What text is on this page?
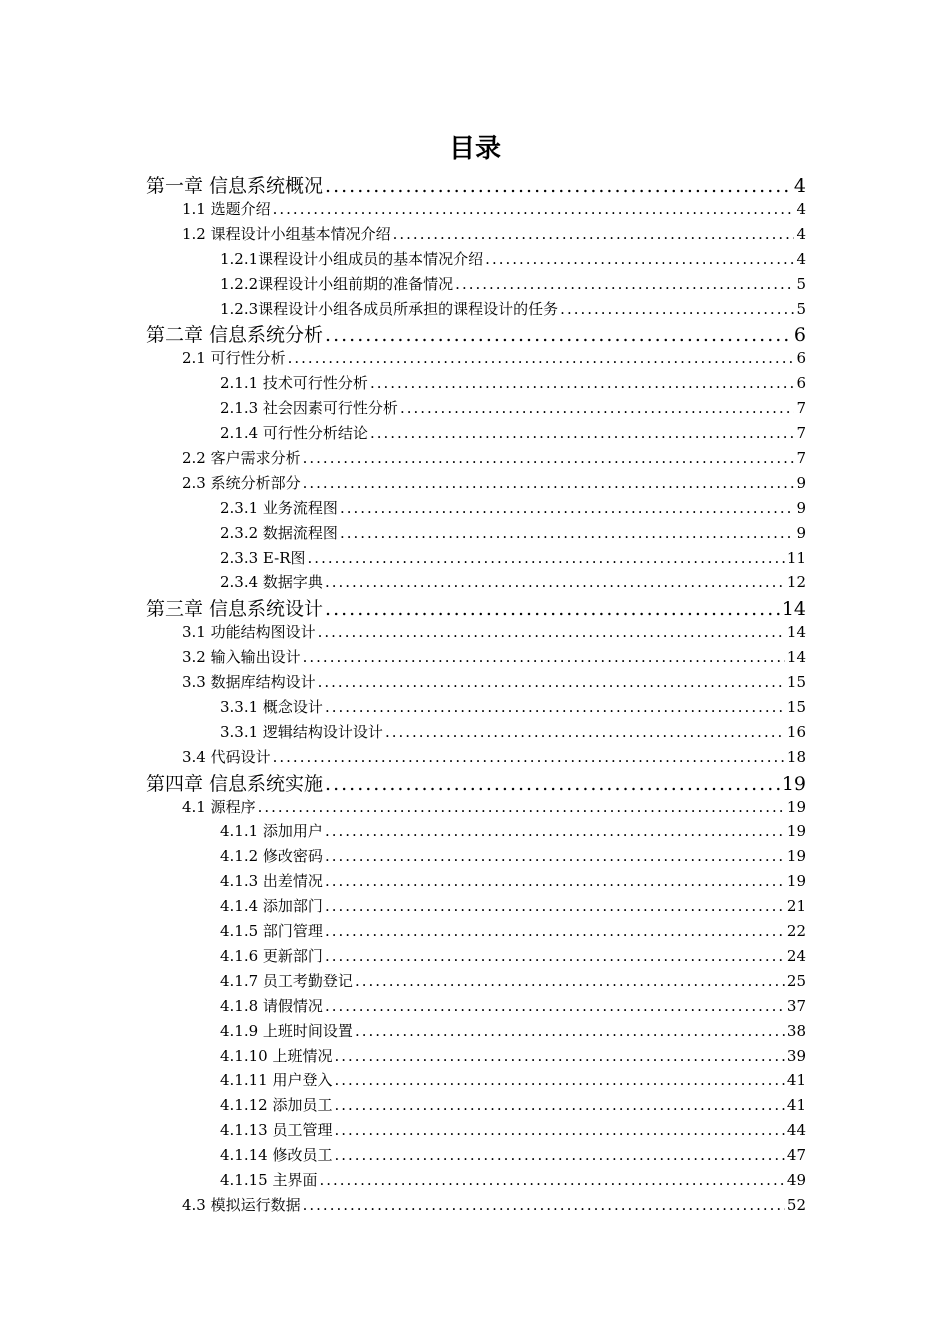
目录
第一章 信息系统概况 .....	4
1.1 选题介绍 .....	4
1.2 课程设计小组基本情况介绍 .....	4
1.2.1课程设计小组成员的基本情况介绍 .....	4
1.2.2课程设计小组前期的准备情况 .....	5
1.2.3课程设计小组各成员所承担的课程设计的任务 .....	5
第二章 信息系统分析 .....	6
2.1 可行性分析 .....	6
2.1.1 技术可行性分析 .....	6
2.1.3 社会因素可行性分析 .....	7
2.1.4 可行性分析结论 .....	7
2.2 客户需求分析 .....	7
2.3 系统分析部分 .....	9
2.3.1 业务流程图 .....	9
2.3.2 数据流程图 .....	9
2.3.3 E-R图 .....	11
2.3.4 数据字典 .....	12
第三章 信息系统设计 .....	14
3.1 功能结构图设计 .....	14
3.2 输入输出设计 .....	14
3.3 数据库结构设计 .....	15
3.3.1 概念设计 .....	15
3.3.1 逻辑结构设计设计 .....	16
3.4 代码设计 .....	18
第四章 信息系统实施 .....	19
4.1 源程序 .....	19
4.1.1 添加用户 .....	19
4.1.2 修改密码 .....	19
4.1.3 出差情况 .....	19
4.1.4 添加部门 .....	21
4.1.5 部门管理 .....	22
4.1.6 更新部门 .....	24
4.1.7 员工考勤登记 .....	25
4.1.8 请假情况 .....	37
4.1.9 上班时间设置 .....	38
4.1.10 上班情况 .....	39
4.1.11 用户登入 .....	41
4.1.12 添加员工 .....	41
4.1.13 员工管理 .....	44
4.1.14 修改员工 .....	47
4.1.15 主界面 .....	49
4.3 模拟运行数据 .....	52
